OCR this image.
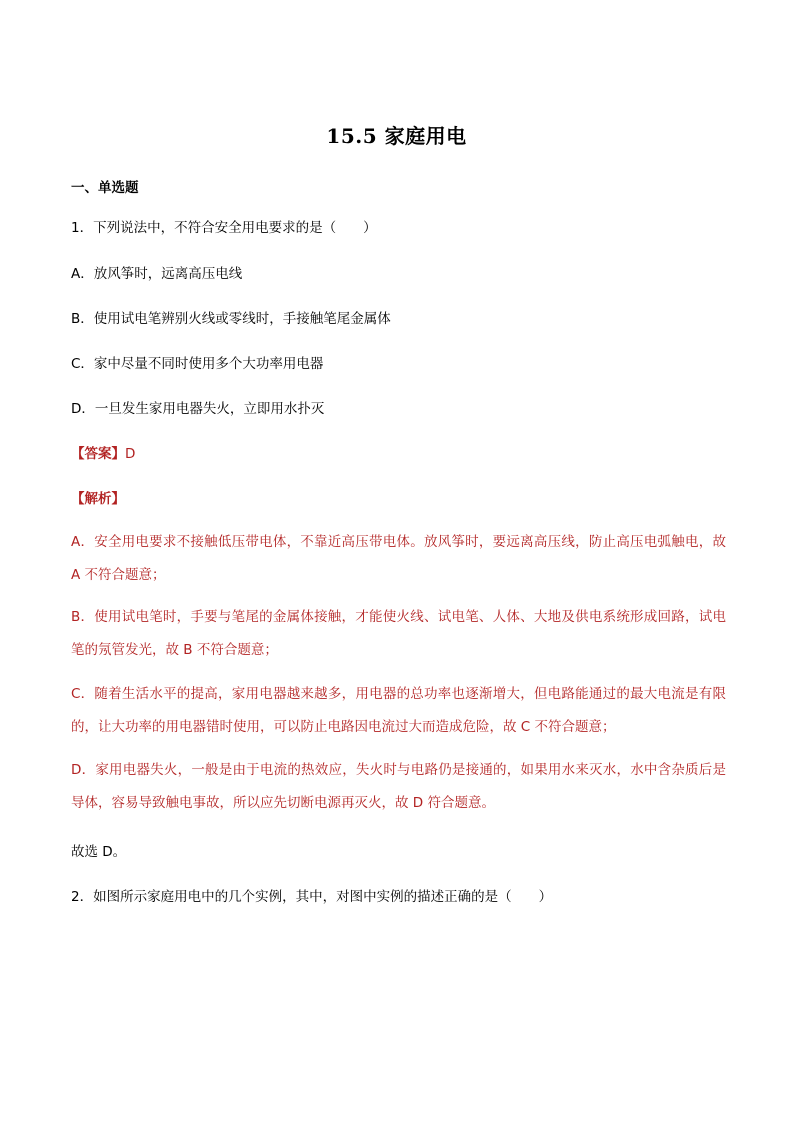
15.5 家庭用电
一、单选题
1．下列说法中，不符合安全用电要求的是（　　）
A．放风筝时，远离高压电线
B．使用试电笔辨别火线或零线时，手接触笔尾金属体
C．家中尽量不同时使用多个大功率用电器
D．一旦发生家用电器失火，立即用水扑灭
【答案】D
【解析】
A．安全用电要求不接触低压带电体，不靠近高压带电体。放风筝时，要远离高压线，防止高压电弧触电，故 A 不符合题意；
B．使用试电笔时，手要与笔尾的金属体接触，才能使火线、试电笔、人体、大地及供电系统形成回路，试电笔的氖管发光，故 B 不符合题意；
C．随着生活水平的提高，家用电器越来越多，用电器的总功率也逐渐增大，但电路能通过的最大电流是有限的，让大功率的用电器错时使用，可以防止电路因电流过大而造成危险，故 C 不符合题意；
D．家用电器失火，一般是由于电流的热效应，失火时与电路仍是接通的，如果用水来灭水，水中含杂质后是导体，容易导致触电事故，所以应先切断电源再灭火，故 D 符合题意。
故选 D。
2．如图所示家庭用电中的几个实例，其中，对图中实例的描述正确的是（　　）
